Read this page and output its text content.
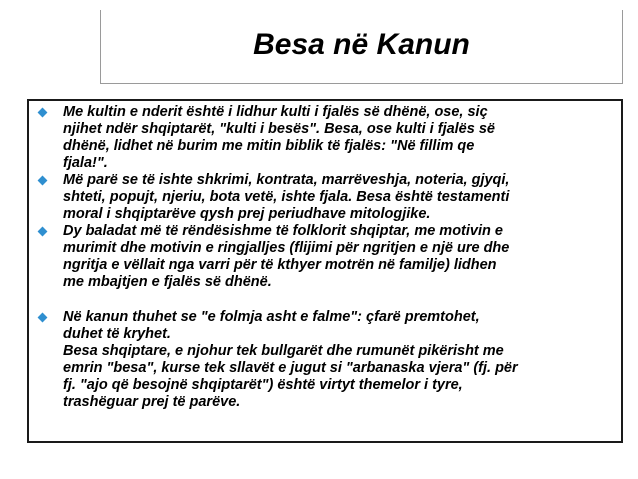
Besa në Kanun
Me kultin e nderit është i lidhur kulti i fjalës së dhënë, ose, siç
njihet ndër shqiptarët, "kulti i besës". Besa, ose kulti i fjalës së
dhënë, lidhet në burim me mitin biblik të fjalës: "Në fillim qe
fjala!".
Më parë se të ishte shkrimi, kontrata, marrëveshja, noteria, gjyqi,
shteti, popujt, njeriu, bota vetë, ishte fjala. Besa është testamenti
moral i shqiptarëve qysh prej periudhave mitologjike.
Dy baladat më të rëndësishme të folklorit shqiptar, me motivin e
murimit dhe motivin e ringjalljes (flijimi për ngritjen e një ure dhe
ngritja e vëllait nga varri për të kthyer motrën në familje) lidhen
me mbajtjen e fjalës së dhënë.
Në kanun thuhet se "e folmja asht e falme": çfarë premtohet,
duhet të kryhet.
Besa shqiptare, e njohur tek bullgarët dhe rumunët pikërisht me
emrin "besa", kurse tek sllavët e jugut si "arbanaska vjera" (fj. për
fj. "ajo që besojnë shqiptarët") është virtyt themelor i tyre,
trashëguar prej të parëve.
